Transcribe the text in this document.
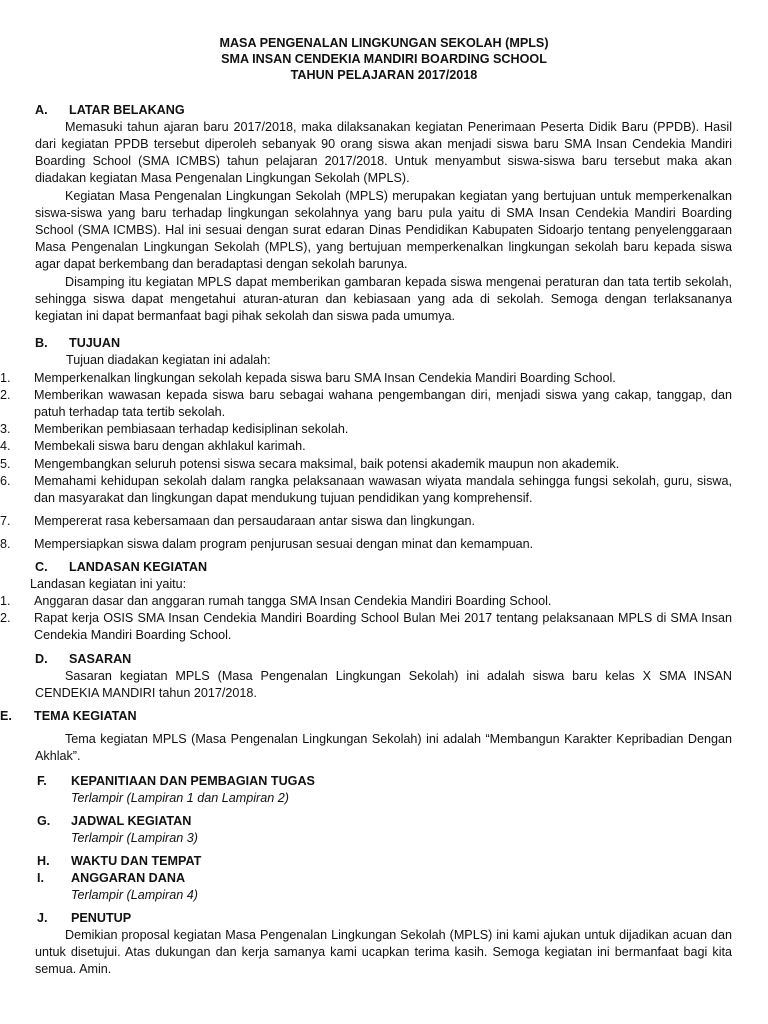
MASA PENGENALAN LINGKUNGAN SEKOLAH (MPLS)
SMA INSAN CENDEKIA MANDIRI BOARDING SCHOOL
TAHUN PELAJARAN 2017/2018
A. LATAR BELAKANG
Memasuki tahun ajaran baru 2017/2018, maka dilaksanakan kegiatan Penerimaan Peserta Didik Baru (PPDB). Hasil dari kegiatan PPDB tersebut diperoleh sebanyak 90 orang siswa akan menjadi siswa baru SMA Insan Cendekia Mandiri Boarding School (SMA ICMBS) tahun pelajaran 2017/2018. Untuk menyambut siswa-siswa baru tersebut maka akan diadakan kegiatan Masa Pengenalan Lingkungan Sekolah (MPLS).
Kegiatan Masa Pengenalan Lingkungan Sekolah (MPLS) merupakan kegiatan yang bertujuan untuk memperkenalkan siswa-siswa yang baru terhadap lingkungan sekolahnya yang baru pula yaitu di SMA Insan Cendekia Mandiri Boarding School (SMA ICMBS). Hal ini sesuai dengan surat edaran Dinas Pendidikan Kabupaten Sidoarjo tentang penyelenggaraan Masa Pengenalan Lingkungan Sekolah (MPLS), yang bertujuan memperkenalkan lingkungan sekolah baru kepada siswa agar dapat berkembang dan beradaptasi dengan sekolah barunya.
Disamping itu kegiatan MPLS dapat memberikan gambaran kepada siswa mengenai peraturan dan tata tertib sekolah, sehingga siswa dapat mengetahui aturan-aturan dan kebiasaan yang ada di sekolah. Semoga dengan terlaksananya kegiatan ini dapat bermanfaat bagi pihak sekolah dan siswa pada umumya.
B. TUJUAN
Tujuan diadakan kegiatan ini adalah:
1. Memperkenalkan lingkungan sekolah kepada siswa baru SMA Insan Cendekia Mandiri Boarding School.
2. Memberikan wawasan kepada siswa baru sebagai wahana pengembangan diri, menjadi siswa yang cakap, tanggap, dan patuh terhadap tata tertib sekolah.
3. Memberikan pembiasaan terhadap kedisiplinan sekolah.
4. Membekali siswa baru dengan akhlakul karimah.
5. Mengembangkan seluruh potensi siswa secara maksimal, baik potensi akademik maupun non akademik.
6. Memahami kehidupan sekolah dalam rangka pelaksanaan wawasan wiyata mandala sehingga fungsi sekolah, guru, siswa, dan masyarakat dan lingkungan dapat mendukung tujuan pendidikan yang komprehensif.
7. Mempererat rasa kebersamaan dan persaudaraan antar siswa dan lingkungan.
8. Mempersiapkan siswa dalam program penjurusan sesuai dengan minat dan kemampuan.
C. LANDASAN KEGIATAN
Landasan kegiatan ini yaitu:
1. Anggaran dasar dan anggaran rumah tangga SMA Insan Cendekia Mandiri Boarding School.
2. Rapat kerja OSIS SMA Insan Cendekia Mandiri Boarding School Bulan Mei 2017 tentang pelaksanaan MPLS di SMA Insan Cendekia Mandiri Boarding School.
D. SASARAN
Sasaran kegiatan MPLS (Masa Pengenalan Lingkungan Sekolah) ini adalah siswa baru kelas X SMA INSAN CENDEKIA MANDIRI tahun 2017/2018.
E. TEMA KEGIATAN
Tema kegiatan MPLS (Masa Pengenalan Lingkungan Sekolah) ini adalah “Membangun Karakter Kepribadian Dengan Akhlak”.
F. KEPANITIAAN DAN PEMBAGIAN TUGAS
Terlampir (Lampiran 1 dan Lampiran 2)
G. JADWAL KEGIATAN
Terlampir (Lampiran 3)
H. WAKTU DAN TEMPAT
I. ANGGARAN DANA
Terlampir (Lampiran 4)
J. PENUTUP
Demikian proposal kegiatan Masa Pengenalan Lingkungan Sekolah (MPLS) ini kami ajukan untuk dijadikan acuan dan untuk disetujui. Atas dukungan dan kerja samanya kami ucapkan terima kasih. Semoga kegiatan ini bermanfaat bagi kita semua. Amin.
